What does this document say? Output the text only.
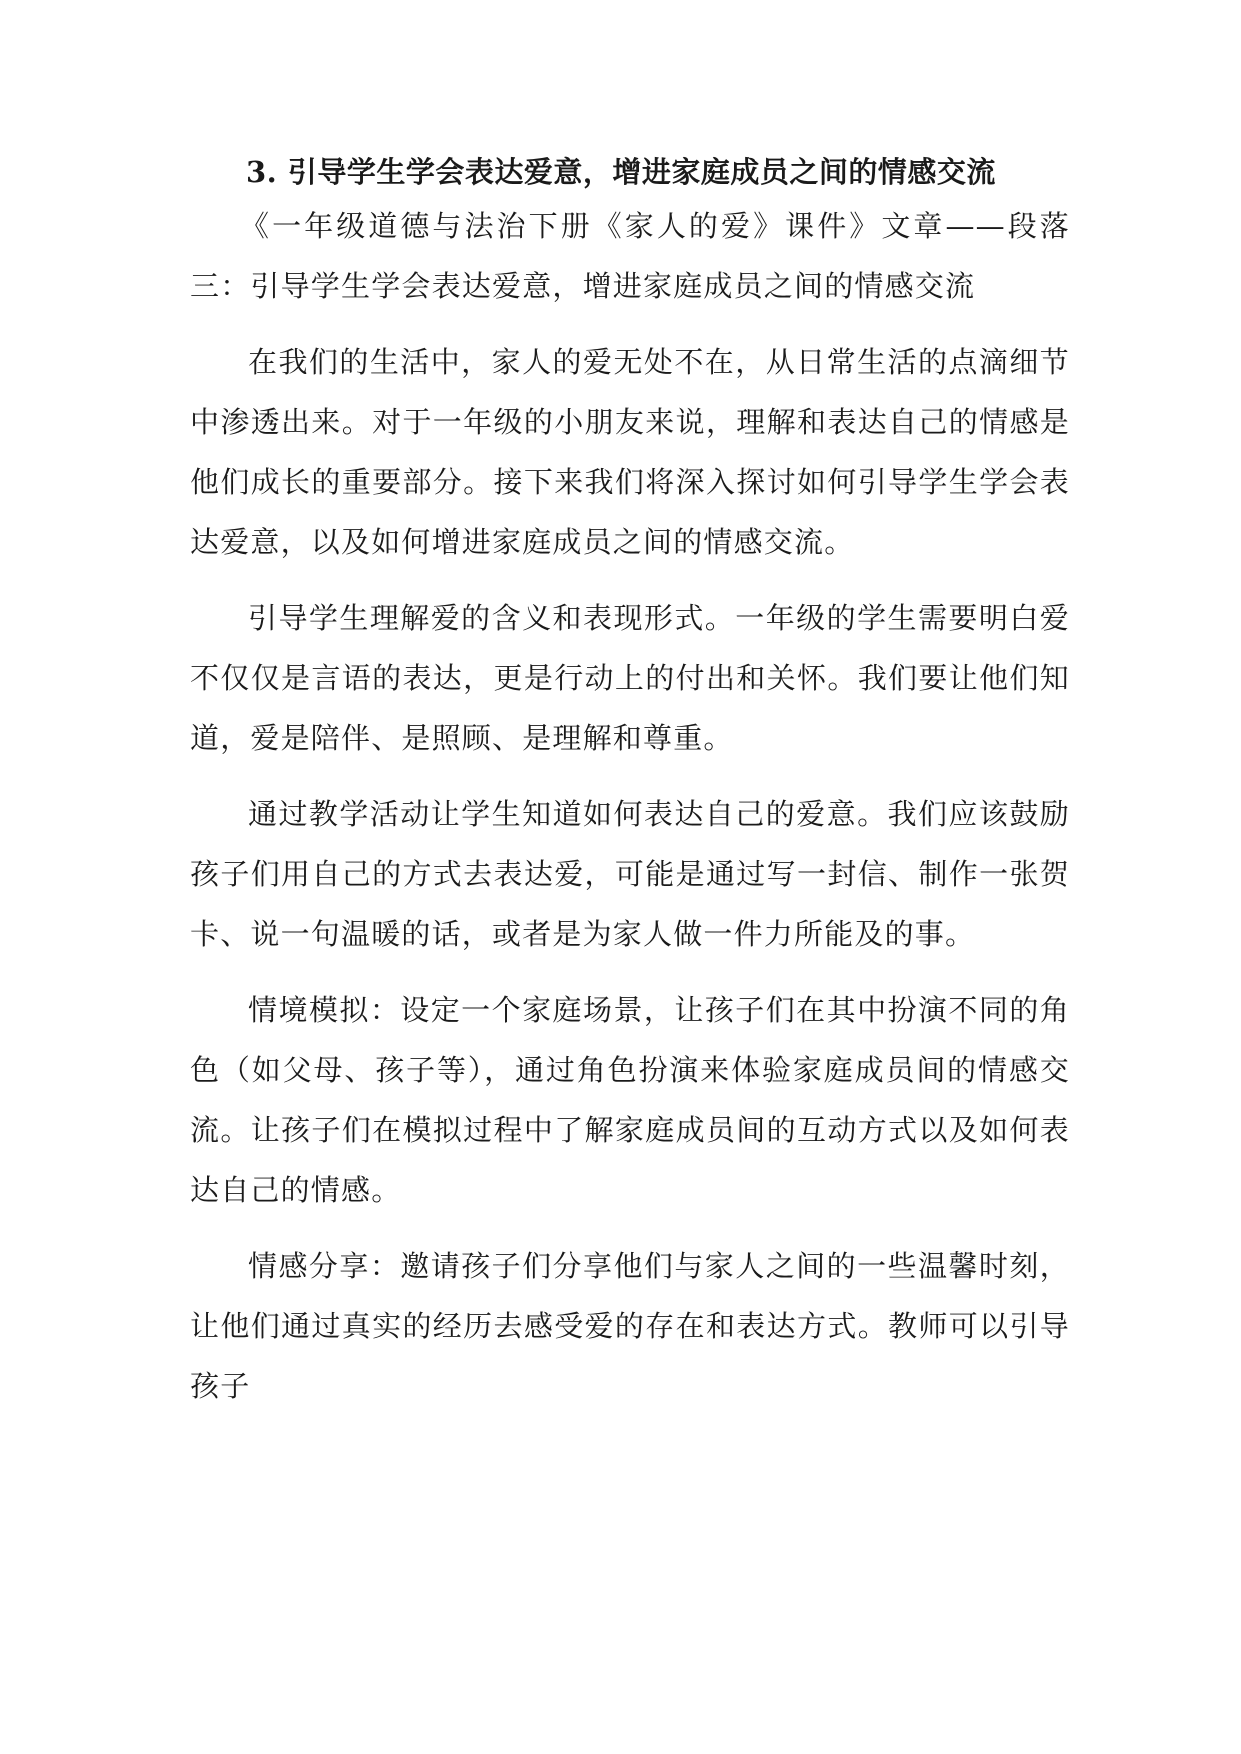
3. 引导学生学会表达爱意，增进家庭成员之间的情感交流

《一年级道德与法治下册《家人的爱》课件》文章——段落三：引导学生学会表达爱意，增进家庭成员之间的情感交流

在我们的生活中，家人的爱无处不在，从日常生活的点滴细节中渗透出来。对于一年级的小朋友来说，理解和表达自己的情感是他们成长的重要部分。接下来我们将深入探讨如何引导学生学会表达爱意，以及如何增进家庭成员之间的情感交流。

引导学生理解爱的含义和表现形式。一年级的学生需要明白爱不仅仅是言语的表达，更是行动上的付出和关怀。我们要让他们知道，爱是陪伴、是照顾、是理解和尊重。

通过教学活动让学生知道如何表达自己的爱意。我们应该鼓励孩子们用自己的方式去表达爱，可能是通过写一封信、制作一张贺卡、说一句温暖的话，或者是为家人做一件力所能及的事。

情境模拟：设定一个家庭场景，让孩子们在其中扮演不同的角色（如父母、孩子等），通过角色扮演来体验家庭成员间的情感交流。让孩子们在模拟过程中了解家庭成员间的互动方式以及如何表达自己的情感。

情感分享：邀请孩子们分享他们与家人之间的一些温馨时刻，让他们通过真实的经历去感受爱的存在和表达方式。教师可以引导孩子
